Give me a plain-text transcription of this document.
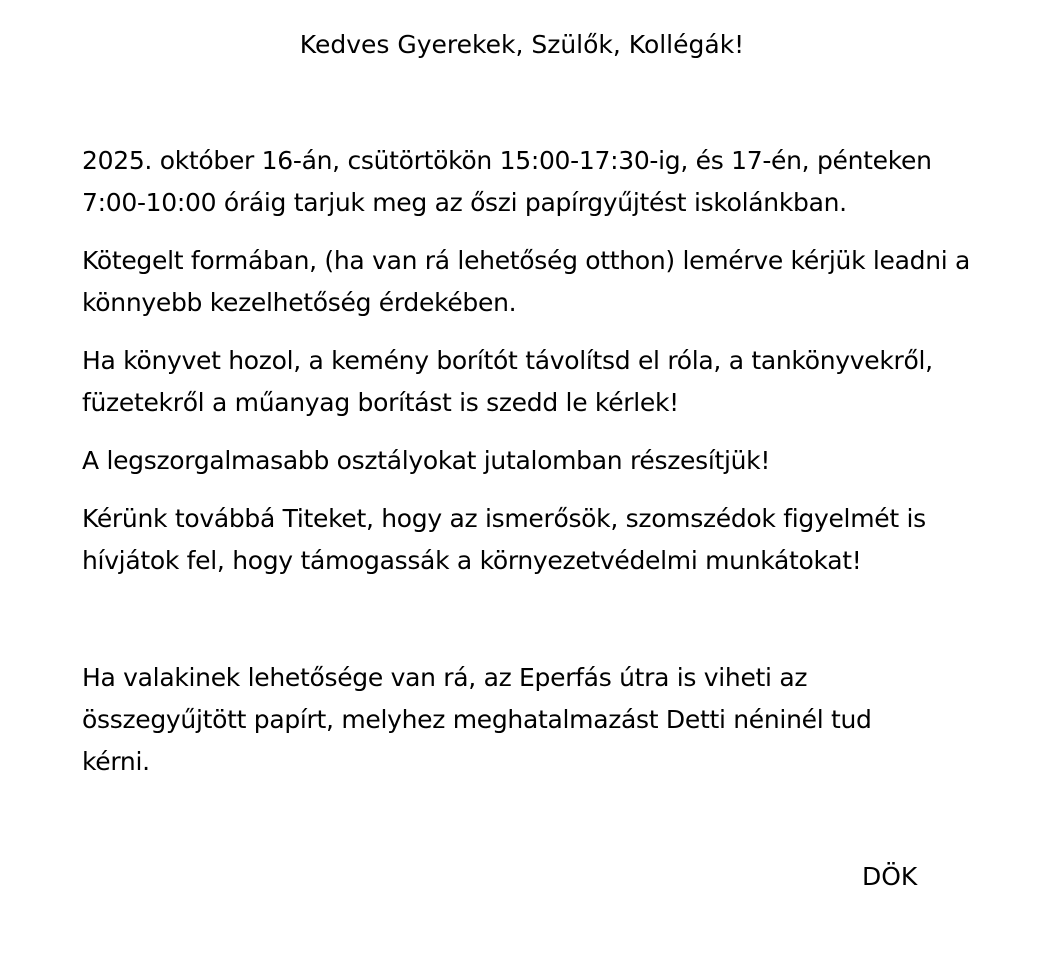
Kedves Gyerekek, Szülők, Kollégák!

2025. október 16-án, csütörtökön 15:00-17:30-ig, és 17-én, pénteken 7:00-10:00 óráig tarjuk meg az őszi papírgyűjtést iskolánkban.

Kötegelt formában, (ha van rá lehetőség otthon) lemérve kérjük leadni a könnyebb kezelhetőség érdekében.

Ha könyvet hozol, a kemény borítót távolítsd el róla, a tankönyvekről, füzetekről a műanyag borítást is szedd le kérlek!

A legszorgalmasabb osztályokat jutalomban részesítjük!

Kérünk továbbá Titeket, hogy az ismerősök, szomszédok figyelmét is hívjátok fel, hogy támogassák a környezetvédelmi munkátokat!

Ha valakinek lehetősége van rá, az Eperfás útra is viheti az összegyűjtött papírt, melyhez meghatalmazást Detti néninél tud kérni.

DÖK
